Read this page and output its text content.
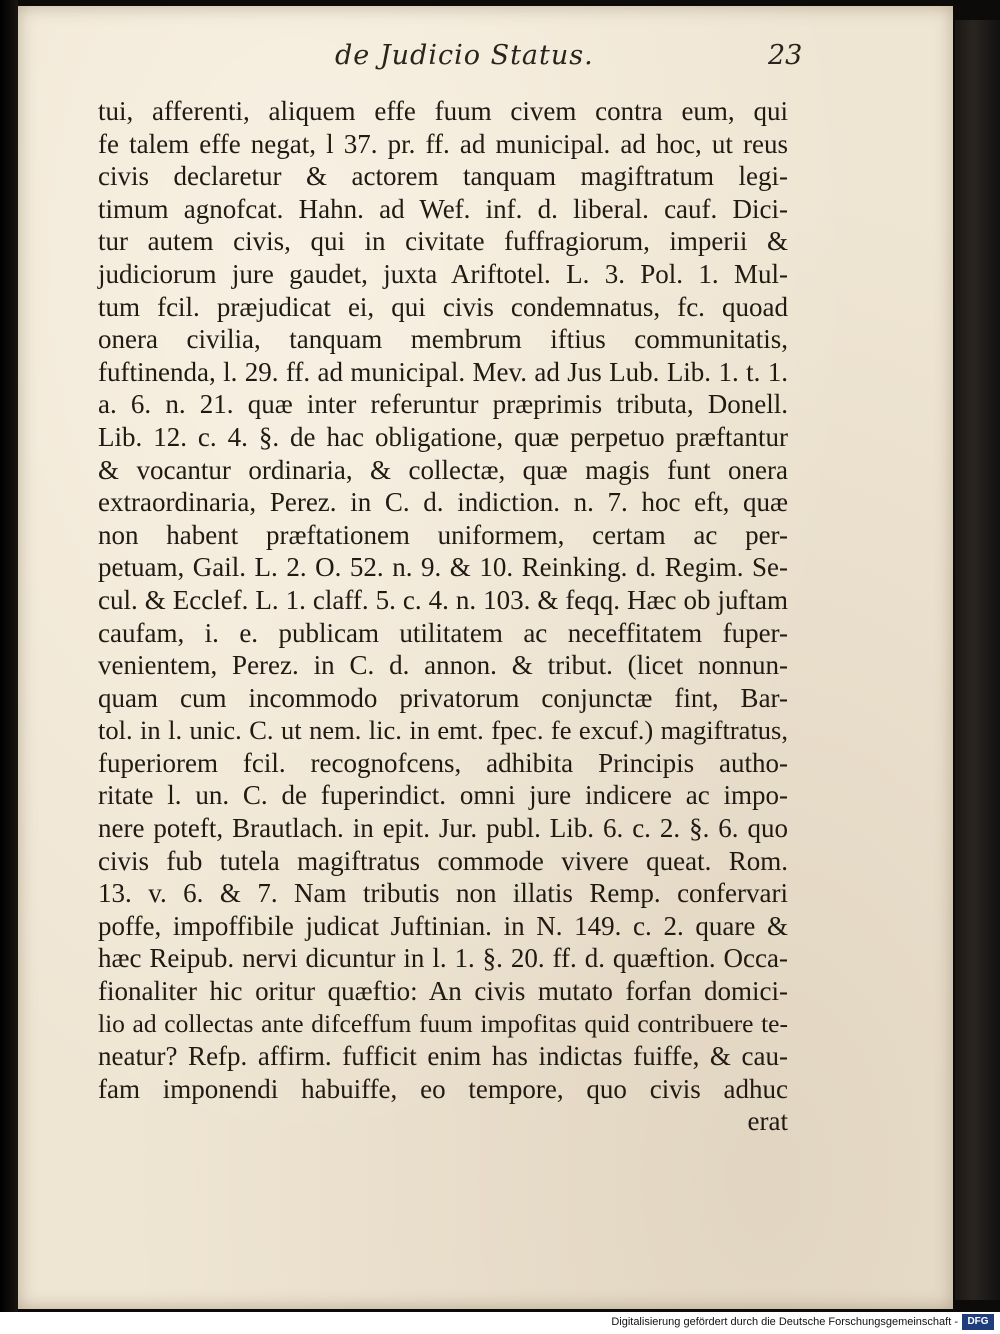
de Judicio Status.	23
tui, afferenti, aliquem effe fuum civem contra eum, qui
fe talem effe negat, l 37. pr. ff. ad municipal. ad hoc, ut reus
civis declaretur & actorem tanquam magiftratum legi-
timum agnofcat. Hahn. ad Wef. inf. d. liberal. cauf. Dici-
tur autem civis, qui in civitate fuffragiorum, imperii &
judiciorum jure gaudet, juxta Ariftotel. L. 3. Pol. 1. Mul-
tum fcil. præjudicat ei, qui civis condemnatus, fc. quoad
onera civilia, tanquam membrum iftius communitatis,
fuftinenda, l. 29. ff. ad municipal. Mev. ad Jus Lub. Lib. 1. t. 1.
a. 6. n. 21. quæ inter referuntur præprimis tributa, Donell.
Lib. 12. c. 4. §. de hac obligatione, quæ perpetuo præftantur
& vocantur ordinaria, & collectæ, quæ magis funt onera
extraordinaria, Perez. in C. d. indiction. n. 7. hoc eft, quæ
non habent præftationem uniformem, certam ac per-
petuam, Gail. L. 2. O. 52. n. 9. & 10. Reinking. d. Regim. Se-
cul. & Ecclef. L. 1. claff. 5. c. 4. n. 103. & feqq. Hæc ob juftam
caufam, i. e. publicam utilitatem ac neceffitatem fuper-
venientem, Perez. in C. d. annon. & tribut. (licet nonnun-
quam cum incommodo privatorum conjunctæ fint, Bar-
tol. in l. unic. C. ut nem. lic. in emt. fpec. fe excuf.) magiftratus,
fuperiorem fcil. recognofcens, adhibita Principis autho-
ritate l. un. C. de fuperindict. omni jure indicere ac impo-
nere poteft, Brautlach. in epit. Jur. publ. Lib. 6. c. 2. §. 6. quo
civis fub tutela magiftratus commode vivere queat. Rom.
13. v. 6. & 7. Nam tributis non illatis Remp. confervari
poffe, impoffibile judicat Juftinian. in N. 149. c. 2. quare &
hæc Reipub. nervi dicuntur in l. 1. §. 20. ff. d. quæftion. Occa-
fionaliter hic oritur quæftio: An civis mutato forfan domici-
lio ad collectas ante difceffum fuum impofitas quid contribuere te-
neatur? Refp. affirm. fufficit enim has indictas fuiffe, & cau-
fam imponendi habuiffe, eo tempore, quo civis adhuc
erat
Digitalisierung gefördert durch die Deutsche Forschungsgemeinschaft - DFG
